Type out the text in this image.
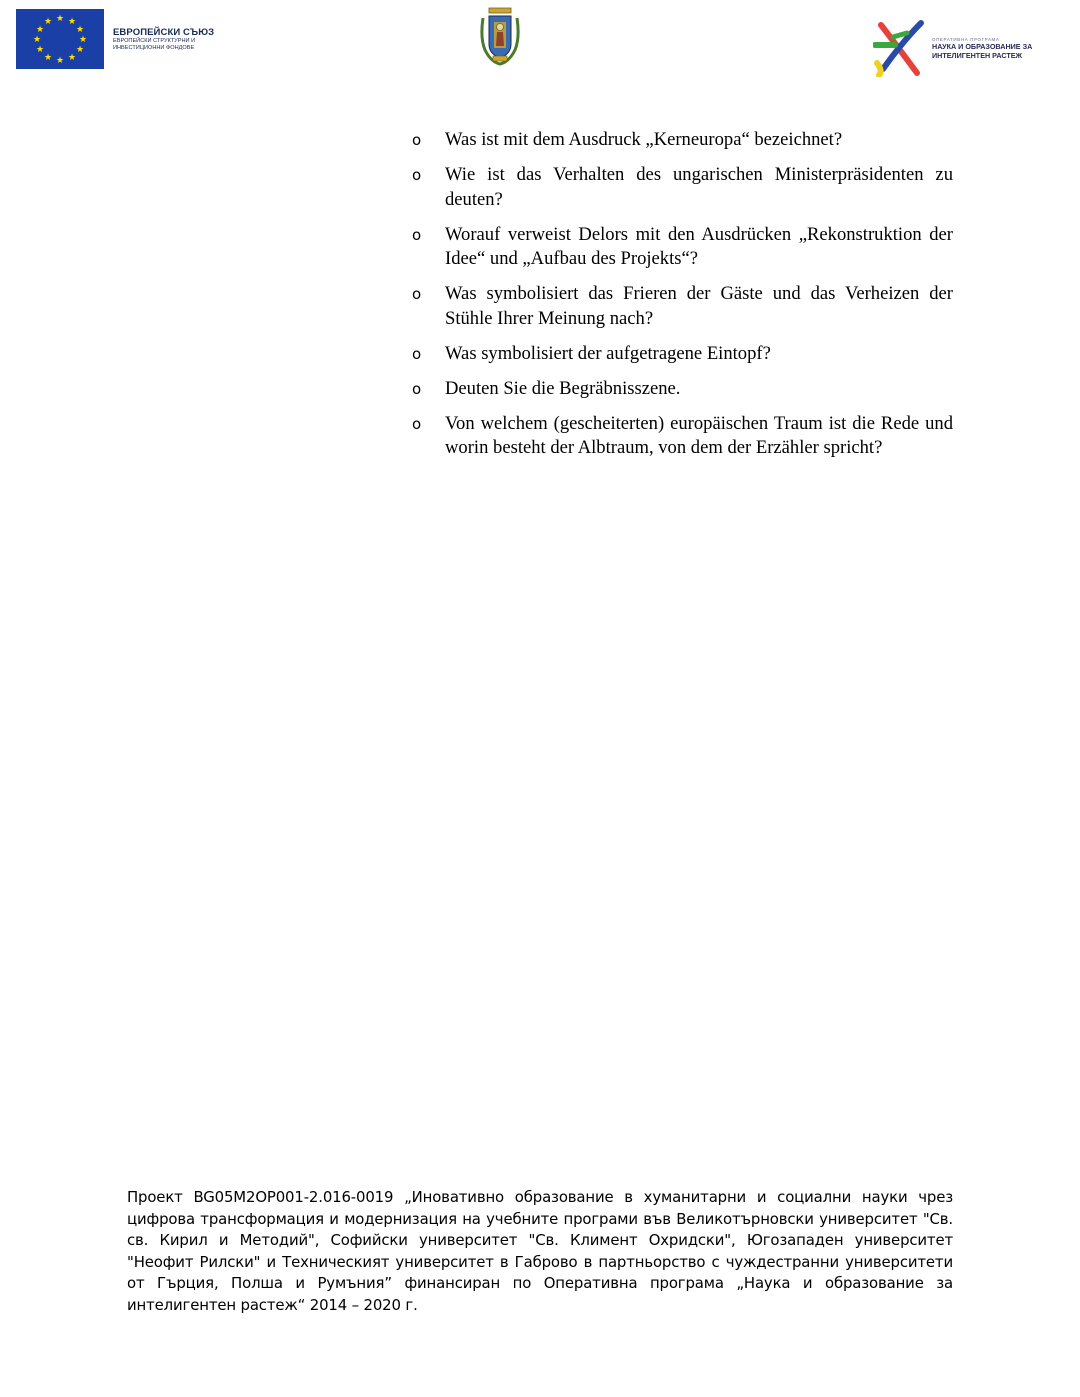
★ ★
★
★
★
★
★
★
★
★
★
★
ЕВРОПЕЙСКИ СЪЮЗ
ЕВРОПЕЙСКИ СТРУКТУРНИ И
ИНВЕСТИЦИОННИ ФОНДОВЕ
ОПЕРАТИВНА ПРОГРАМА
НАУКА И ОБРАЗОВАНИЕ ЗА
ИНТЕЛИГЕНТЕН РАСТЕЖ
o Was ist mit dem Ausdruck „Kerneuropa“ bezeichnet?
o Wie ist das Verhalten des ungarischen Ministerpräsidenten zu deuten?
o Worauf verweist Delors mit den Ausdrücken „Rekonstruktion der Idee“ und „Aufbau des Projekts“?
o Was symbolisiert das Frieren der Gäste und das Verheizen der Stühle Ihrer Meinung nach?
o Was symbolisiert der aufgetragene Eintopf?
o Deuten Sie die Begräbnisszene.
o Von welchem (gescheiterten) europäischen Traum ist die Rede und worin besteht der Albtraum, von dem der Erzähler spricht?
Проект BG05M2OP001-2.016-0019 „Иновативно образование в хуманитарни и социални науки чрез цифрова трансформация и модернизация на учебните програми във Великотърновски университет "Св. св. Кирил и Методий", Софийски университет "Св. Климент Охридски", Югозападен университет "Неофит Рилски" и Техническият университет в Габрово в партньорство с чуждестранни университети от Гърция, Полша и Румъния” финансиран по Оперативна програма „Наука и образование за интелигентен растеж“ 2014 – 2020 г.
